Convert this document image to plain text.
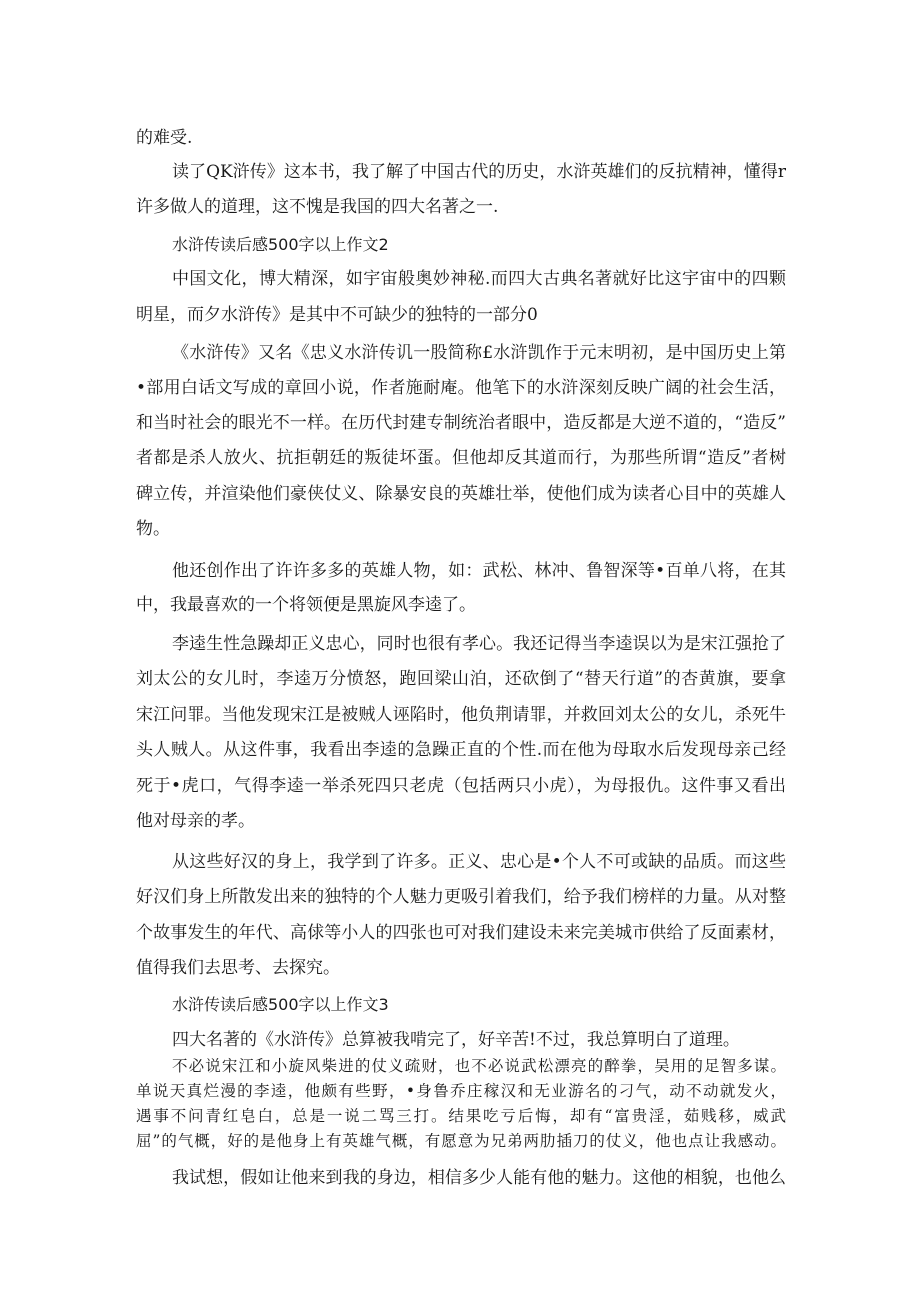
的难受.
读了QK浒传》这本书，我了解了中国古代的历史，水浒英雄们的反抗精神，懂得r
许多做人的道理，这不愧是我国的四大名著之一.
水浒传读后感500字以上作文2
中国文化，博大精深，如宇宙般奥妙神秘.而四大古典名著就好比这宇宙中的四颗
明星，而夕水浒传》是其中不可缺少的独特的一部分0
《水浒传》又名《忠义水浒传讥一股简称£水浒凯作于元末明初，是中国历史上第
•部用白话文写成的章回小说，作者施耐庵。他笔下的水浒深刻反映广阔的社会生活，
和当时社会的眼光不一样。在历代封建专制统治者眼中，造反都是大逆不道的，“造反”
者都是杀人放火、抗拒朝廷的叛徒坏蛋。但他却反其道而行，为那些所谓“造反”者树
碑立传，并渲染他们豪侠仗义、除暴安良的英雄壮举，使他们成为读者心目中的英雄人
物。
他还创作出了许许多多的英雄人物，如：武松、林冲、鲁智深等•百单八将，在其
中，我最喜欢的一个将领便是黑旋风李逵了。
李逵生性急躁却正义忠心，同时也很有孝心。我还记得当李逵误以为是宋江强抢了
刘太公的女儿时，李逵万分愤怒，跑回梁山泊，还砍倒了“替天行道”的杏黄旗，要拿
宋江问罪。当他发现宋江是被贼人诬陷时，他负荆请罪，并救回刘太公的女儿，杀死牛
头人贼人。从这件事，我看出李逵的急躁正直的个性.而在他为母取水后发现母亲己经
死于•虎口，气得李逵一举杀死四只老虎（包括两只小虎），为母报仇。这件事又看出
他对母亲的孝。
从这些好汉的身上，我学到了许多。正义、忠心是•个人不可或缺的品质。而这些
好汉们身上所散发出来的独特的个人魅力更吸引着我们，给予我们榜样的力量。从对整
个故事发生的年代、高俅等小人的四张也可对我们建设未来完美城市供给了反面素材，
值得我们去思考、去探究。
水浒传读后感500字以上作文3
四大名著的《水浒传》总算被我啃完了，好辛苦!不过，我总算明白了道理。
不必说宋江和小旋风柴进的仗义疏财，也不必说武松漂亮的醉拳，吴用的足智多谋。
单说天真烂漫的李逵，他颇有些野，•身鲁乔庄稼汉和无业游名的刁气，动不动就发火，
遇事不问青红皂白，总是一说二骂三打。结果吃亏后悔，却有“富贵淫，茹贱移，威武
屈”的气概，好的是他身上有英雄气概，有愿意为兄弟两肋插刀的仗义，他也点让我感动。
我试想，假如让他来到我的身边，相信多少人能有他的魅力。这他的相貌，也他么
